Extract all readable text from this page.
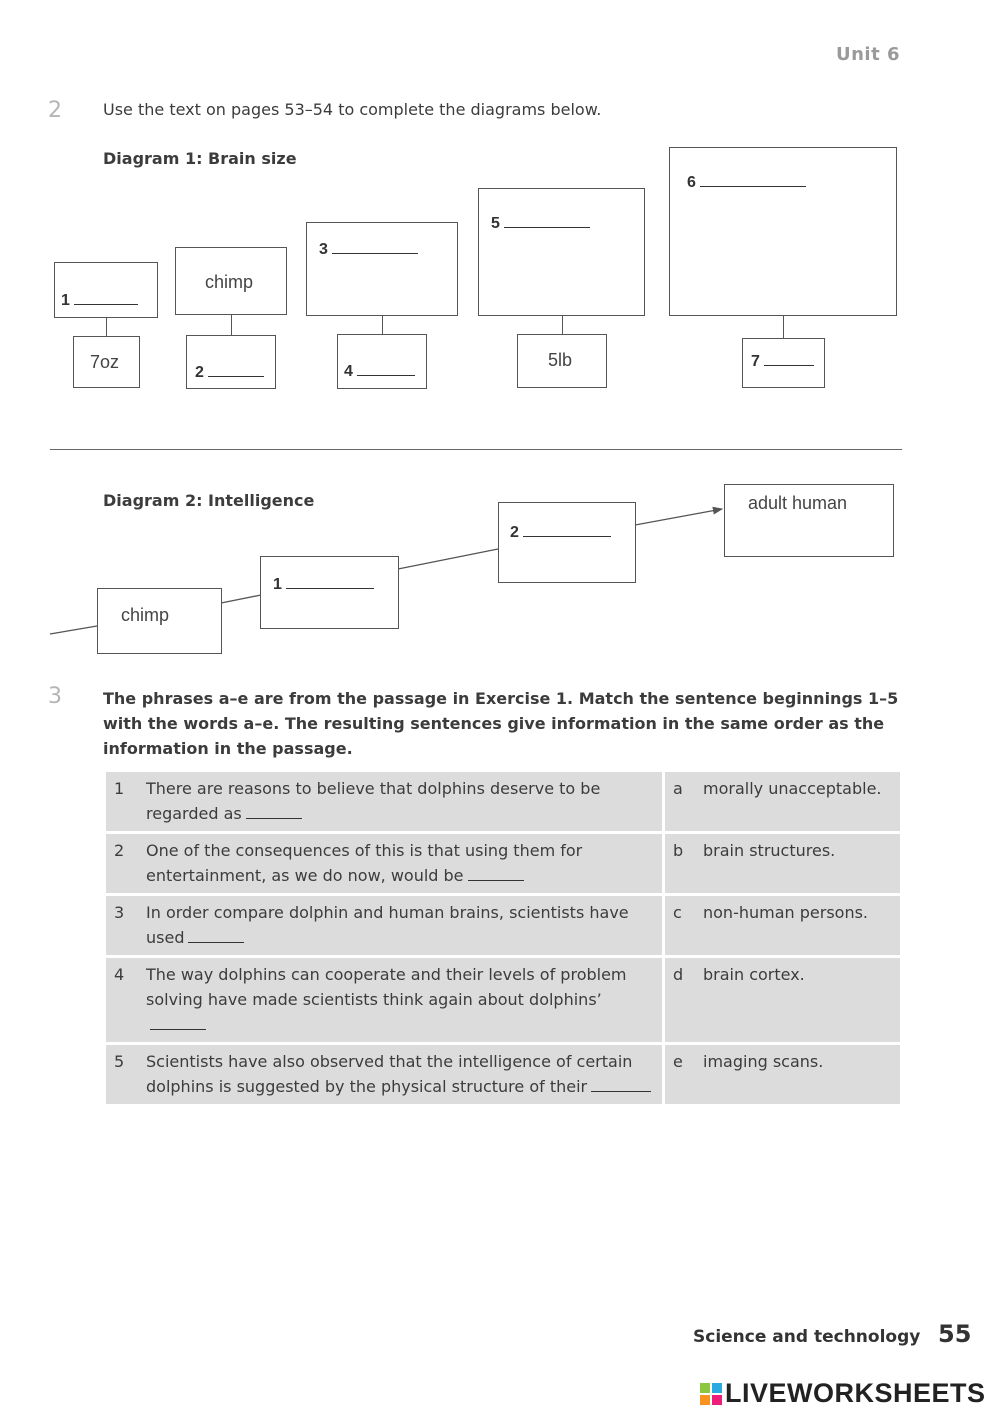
Unit 6
2	Use the text on pages 53–54 to complete the diagrams below.
Diagram 1: Brain size
1
chimp
3
5
6
7oz
2	4
5lb	7
Diagram 2: Intelligence
chimp
1
2
adult human
3	The phrases a–e are from the passage in Exercise 1. Match the sentence beginnings 1–5 with the words a–e. The resulting sentences give information in the same order as the information in the passage.
1	There are reasons to believe that dolphins deserve to be regarded as	a	morally unacceptable.
2	One of the consequences of this is that using them for entertainment, as we do now, would be	b	brain structures.
3	In order compare dolphin and human brains, scientists have used	c	non-human persons.
4	The way dolphins can cooperate and their levels of problem solving have made scientists think again about dolphins’	d	brain cortex.
5	Scientists have also observed that the intelligence of certain dolphins is suggested by the physical structure of their	e	imaging scans.
Science and technology 55
LIVEWORKSHEETS
